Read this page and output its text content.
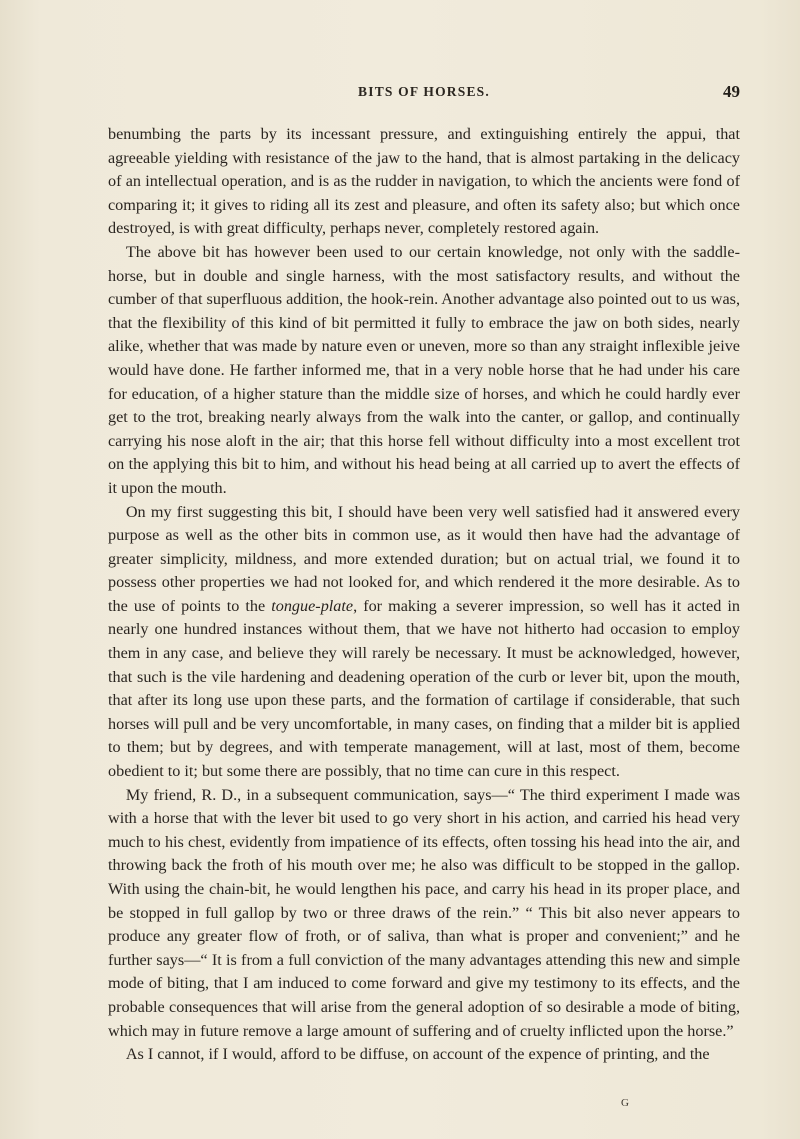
BITS OF HORSES.	49

benumbing the parts by its incessant pressure, and extinguishing entirely the appui, that agreeable yielding with resistance of the jaw to the hand, that is almost partaking in the delicacy of an intellectual operation, and is as the rudder in navigation, to which the ancients were fond of comparing it; it gives to riding all its zest and pleasure, and often its safety also; but which once destroyed, is with great difficulty, perhaps never, completely restored again.

The above bit has however been used to our certain knowledge, not only with the saddle-horse, but in double and single harness, with the most satisfactory results, and without the cumber of that superfluous addition, the hook-rein. Another advantage also pointed out to us was, that the flexibility of this kind of bit permitted it fully to embrace the jaw on both sides, nearly alike, whether that was made by nature even or uneven, more so than any straight inflexible jeive would have done. He farther informed me, that in a very noble horse that he had under his care for education, of a higher stature than the middle size of horses, and which he could hardly ever get to the trot, breaking nearly always from the walk into the canter, or gallop, and continually carrying his nose aloft in the air; that this horse fell without difficulty into a most excellent trot on the applying this bit to him, and without his head being at all carried up to avert the effects of it upon the mouth.

On my first suggesting this bit, I should have been very well satisfied had it answered every purpose as well as the other bits in common use, as it would then have had the advantage of greater simplicity, mildness, and more extended duration; but on actual trial, we found it to possess other properties we had not looked for, and which rendered it the more desirable. As to the use of points to the tongue-plate, for making a severer impression, so well has it acted in nearly one hundred instances without them, that we have not hitherto had occasion to employ them in any case, and believe they will rarely be necessary. It must be acknowledged, however, that such is the vile hardening and deadening operation of the curb or lever bit, upon the mouth, that after its long use upon these parts, and the formation of cartilage if considerable, that such horses will pull and be very uncomfortable, in many cases, on finding that a milder bit is applied to them; but by degrees, and with temperate management, will at last, most of them, become obedient to it; but some there are possibly, that no time can cure in this respect.

My friend, R. D., in a subsequent communication, says—“ The third experiment I made was with a horse that with the lever bit used to go very short in his action, and carried his head very much to his chest, evidently from impatience of its effects, often tossing his head into the air, and throwing back the froth of his mouth over me; he also was difficult to be stopped in the gallop. With using the chain-bit, he would lengthen his pace, and carry his head in its proper place, and be stopped in full gallop by two or three draws of the rein.” “ This bit also never appears to produce any greater flow of froth, or of saliva, than what is proper and convenient;” and he further says—“ It is from a full conviction of the many advantages attending this new and simple mode of biting, that I am induced to come forward and give my testimony to its effects, and the probable consequences that will arise from the general adoption of so desirable a mode of biting, which may in future remove a large amount of suffering and of cruelty inflicted upon the horse.”

As I cannot, if I would, afford to be diffuse, on account of the expence of printing, and the

G
